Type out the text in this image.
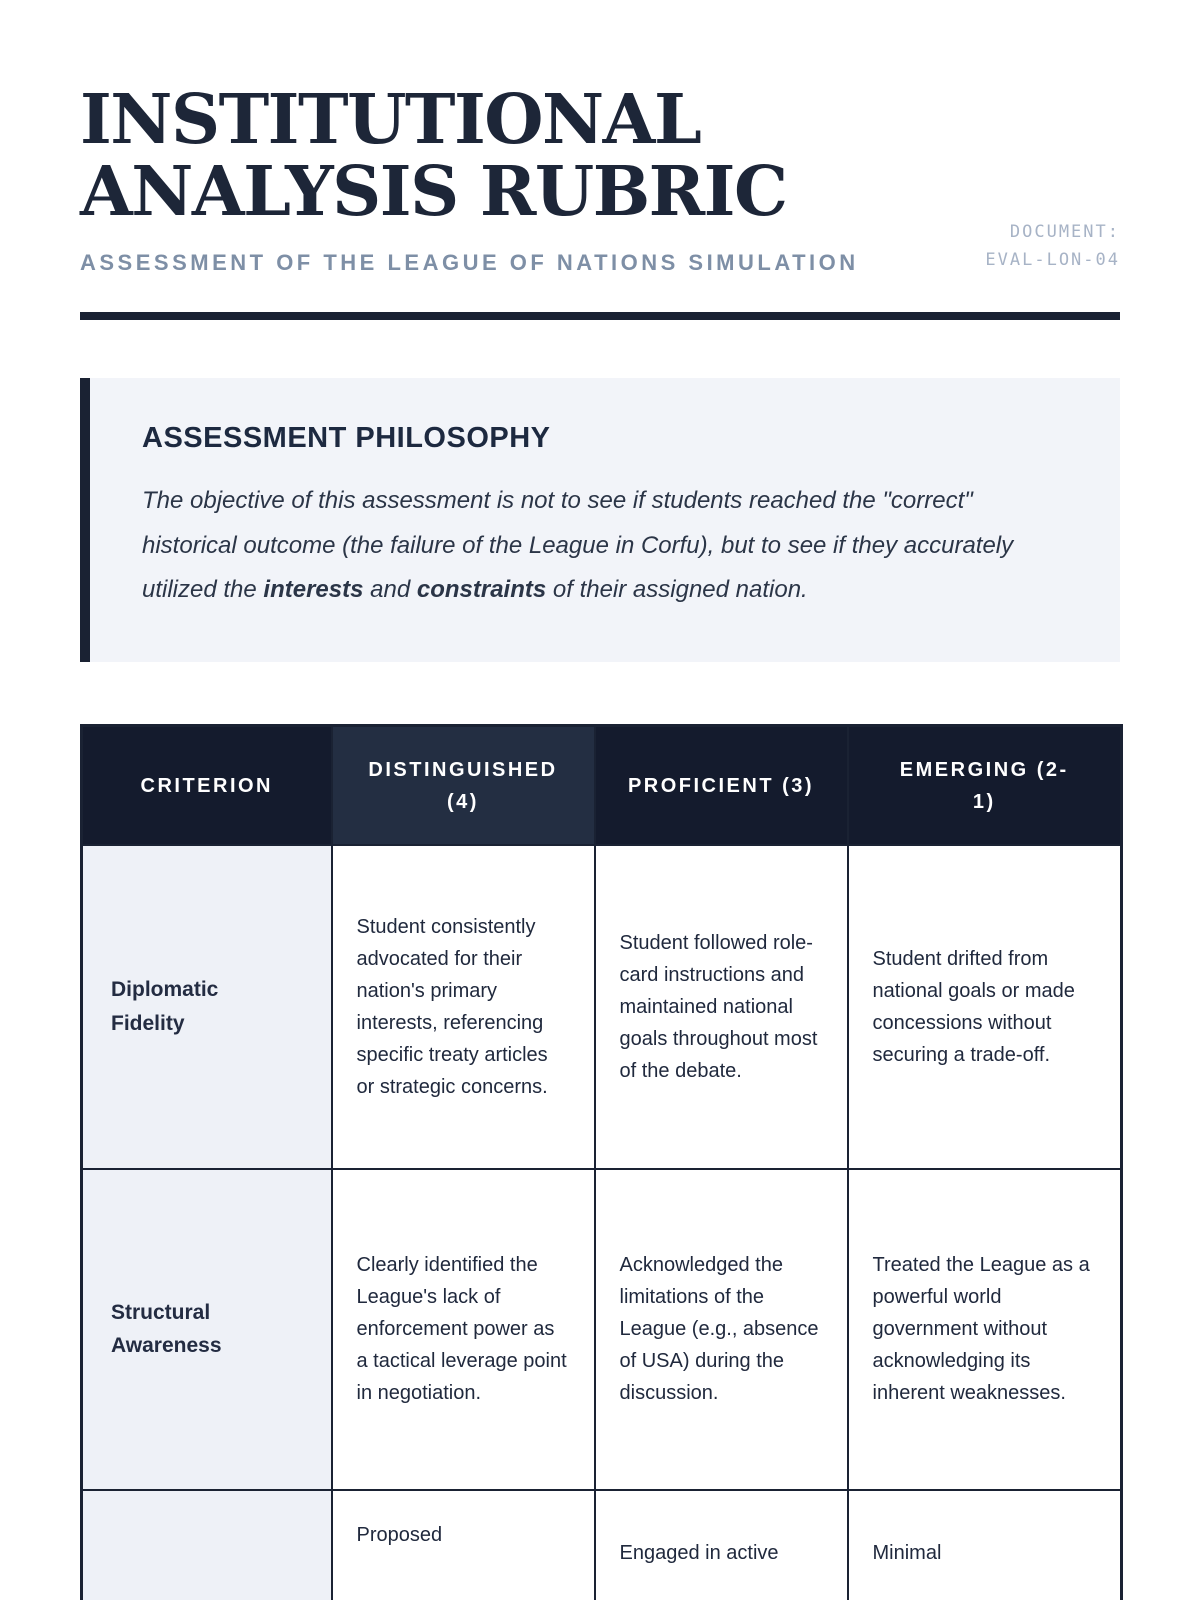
INSTITUTIONAL ANALYSIS RUBRIC
ASSESSMENT OF THE LEAGUE OF NATIONS SIMULATION
DOCUMENT:
EVAL-LON-04
ASSESSMENT PHILOSOPHY

The objective of this assessment is not to see if students reached the "correct" historical outcome (the failure of the League in Corfu), but to see if they accurately utilized the interests and constraints of their assigned nation.

CRITERION	DISTINGUISHED (4)	PROFICIENT (3)	EMERGING (2-1)

Diplomatic Fidelity	Student consistently advocated for their nation's primary interests, referencing specific treaty articles or strategic concerns.	Student followed role-card instructions and maintained national goals throughout most of the debate.	Student drifted from national goals or made concessions without securing a trade-off.

Structural Awareness	Clearly identified the League's lack of enforcement power as a tactical leverage point in negotiation.	Acknowledged the limitations of the League (e.g., absence of USA) during the discussion.	Treated the League as a powerful world government without acknowledging its inherent weaknesses.

	Proposed	Engaged in active	Minimal
